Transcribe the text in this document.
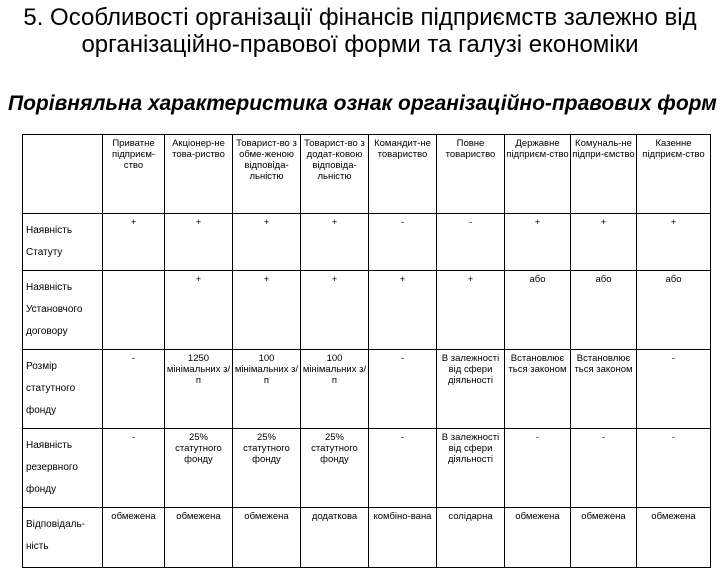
5. Особливості організації фінансів підприємств залежно від організаційно-правової форми та галузі економіки
Порівняльна характеристика ознак організаційно-правових форм
	Приватне підприєм-ство	Акціонер-не това-риство	Товарист-во з обме-женою відповіда-льністю	Товарист-во з додат-ковою відповіда-льністю	Командит-не товариство	Повне товариство	Державне підприєм-ство	Комуналь-не підпри-ємство	Казенне підприєм-ство
Наявність Статуту	+	+	+	+	-	-	+	+	+
Наявність Установчого договору		+	+	+	+	+	або	або	або
Розмір статутного фонду	-	1250 мінімальних з/п	100 мінімальних з/п	100 мінімальних з/п	-	В залежності від сфери діяльності	Встановлює ться законом	Встановлює ться законом	-
Наявність резервного фонду	-	25% статутного фонду	25% статутного фонду	25% статутного фонду	-	В залежності від сфери діяльності	-	-	-
Відповідаль-ність	обмежена	обмежена	обмежена	додаткова	комбіно-вана	солідарна	обмежена	обмежена	обмежена
